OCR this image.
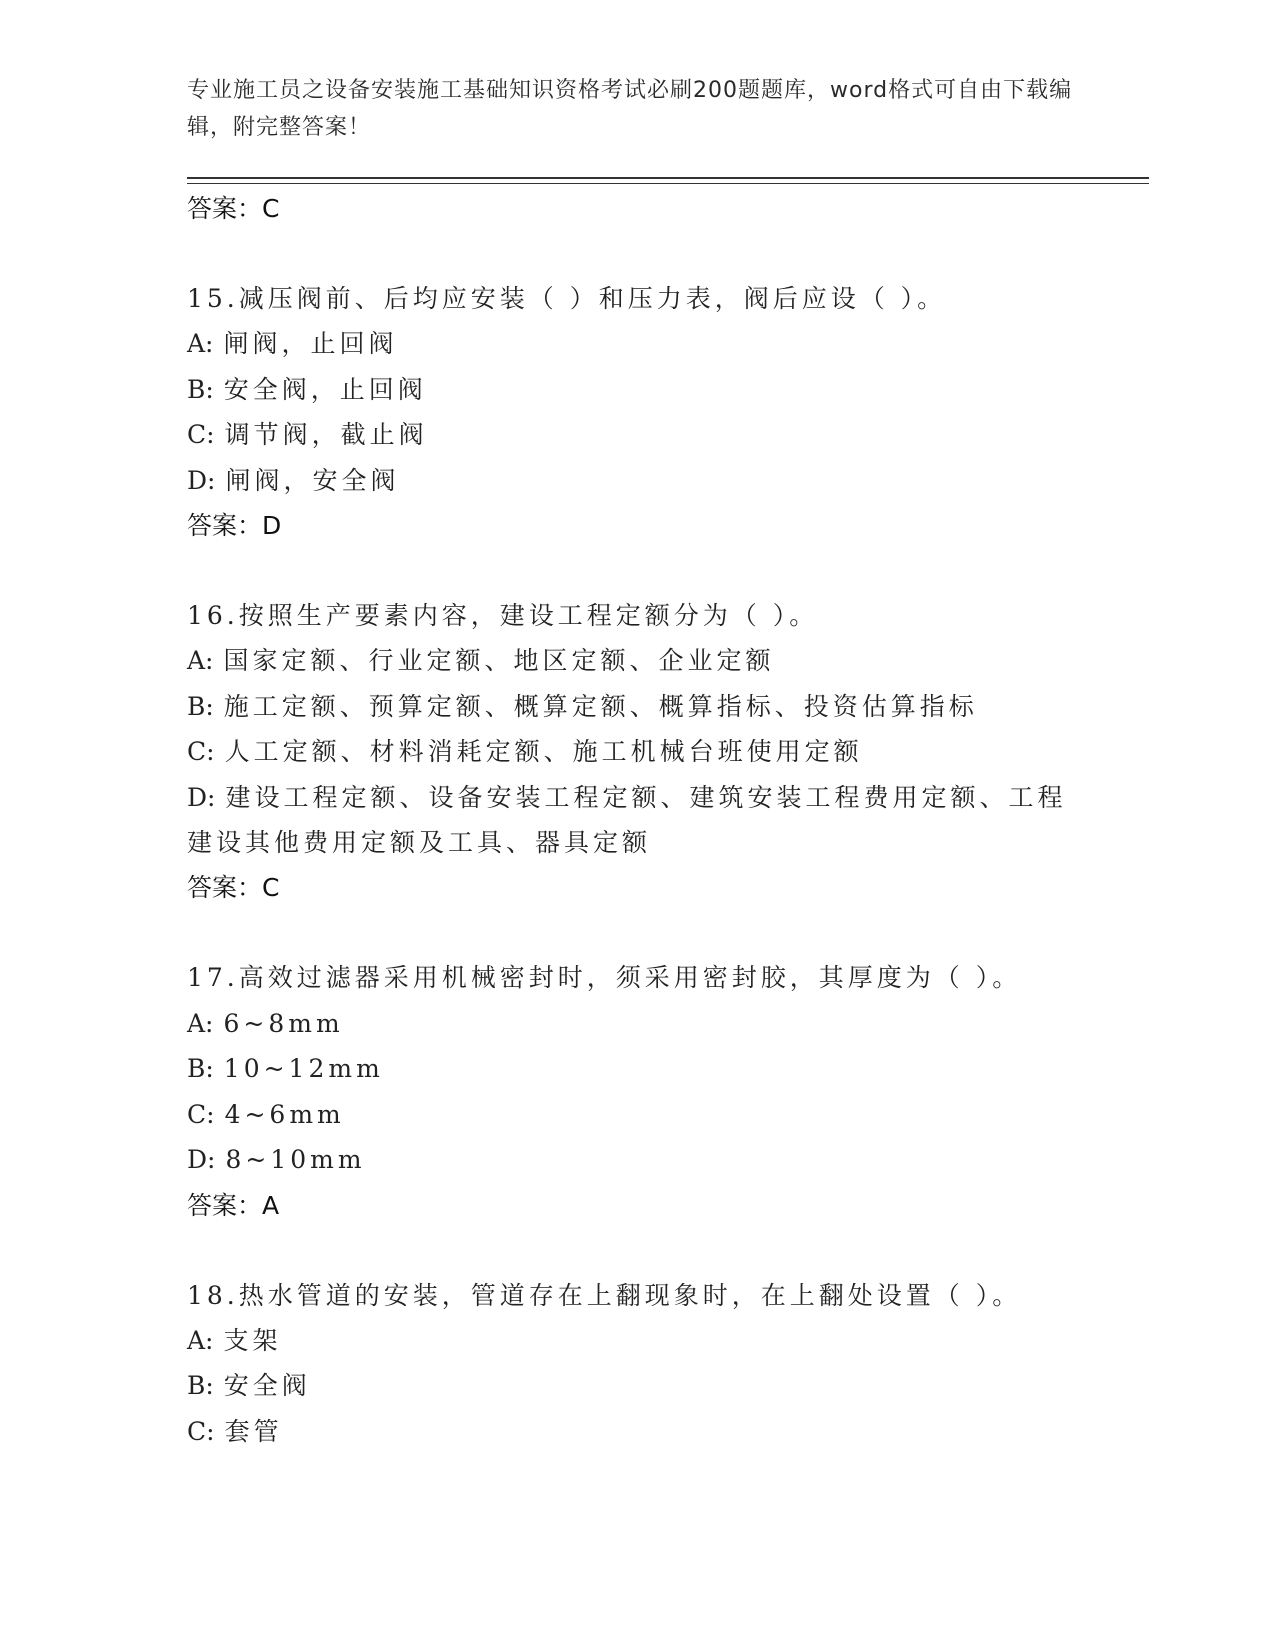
专业施工员之设备安装施工基础知识资格考试必刷200题题库，word格式可自由下载编辑，附完整答案！
答案：C
15.减压阀前、后均应安装（ ）和压力表，阀后应设（ ）。
A: 闸阀，止回阀
B: 安全阀，止回阀
C: 调节阀，截止阀
D: 闸阀，安全阀
答案：D
16.按照生产要素内容，建设工程定额分为（ ）。
A: 国家定额、行业定额、地区定额、企业定额
B: 施工定额、预算定额、概算定额、概算指标、投资估算指标
C: 人工定额、材料消耗定额、施工机械台班使用定额
D: 建设工程定额、设备安装工程定额、建筑安装工程费用定额、工程建设其他费用定额及工具、器具定额
答案：C
17.高效过滤器采用机械密封时，须采用密封胶，其厚度为（ ）。
A: 6~8mm
B: 10~12mm
C: 4~6mm
D: 8~10mm
答案：A
18.热水管道的安装，管道存在上翻现象时，在上翻处设置（ ）。
A: 支架
B: 安全阀
C: 套管
